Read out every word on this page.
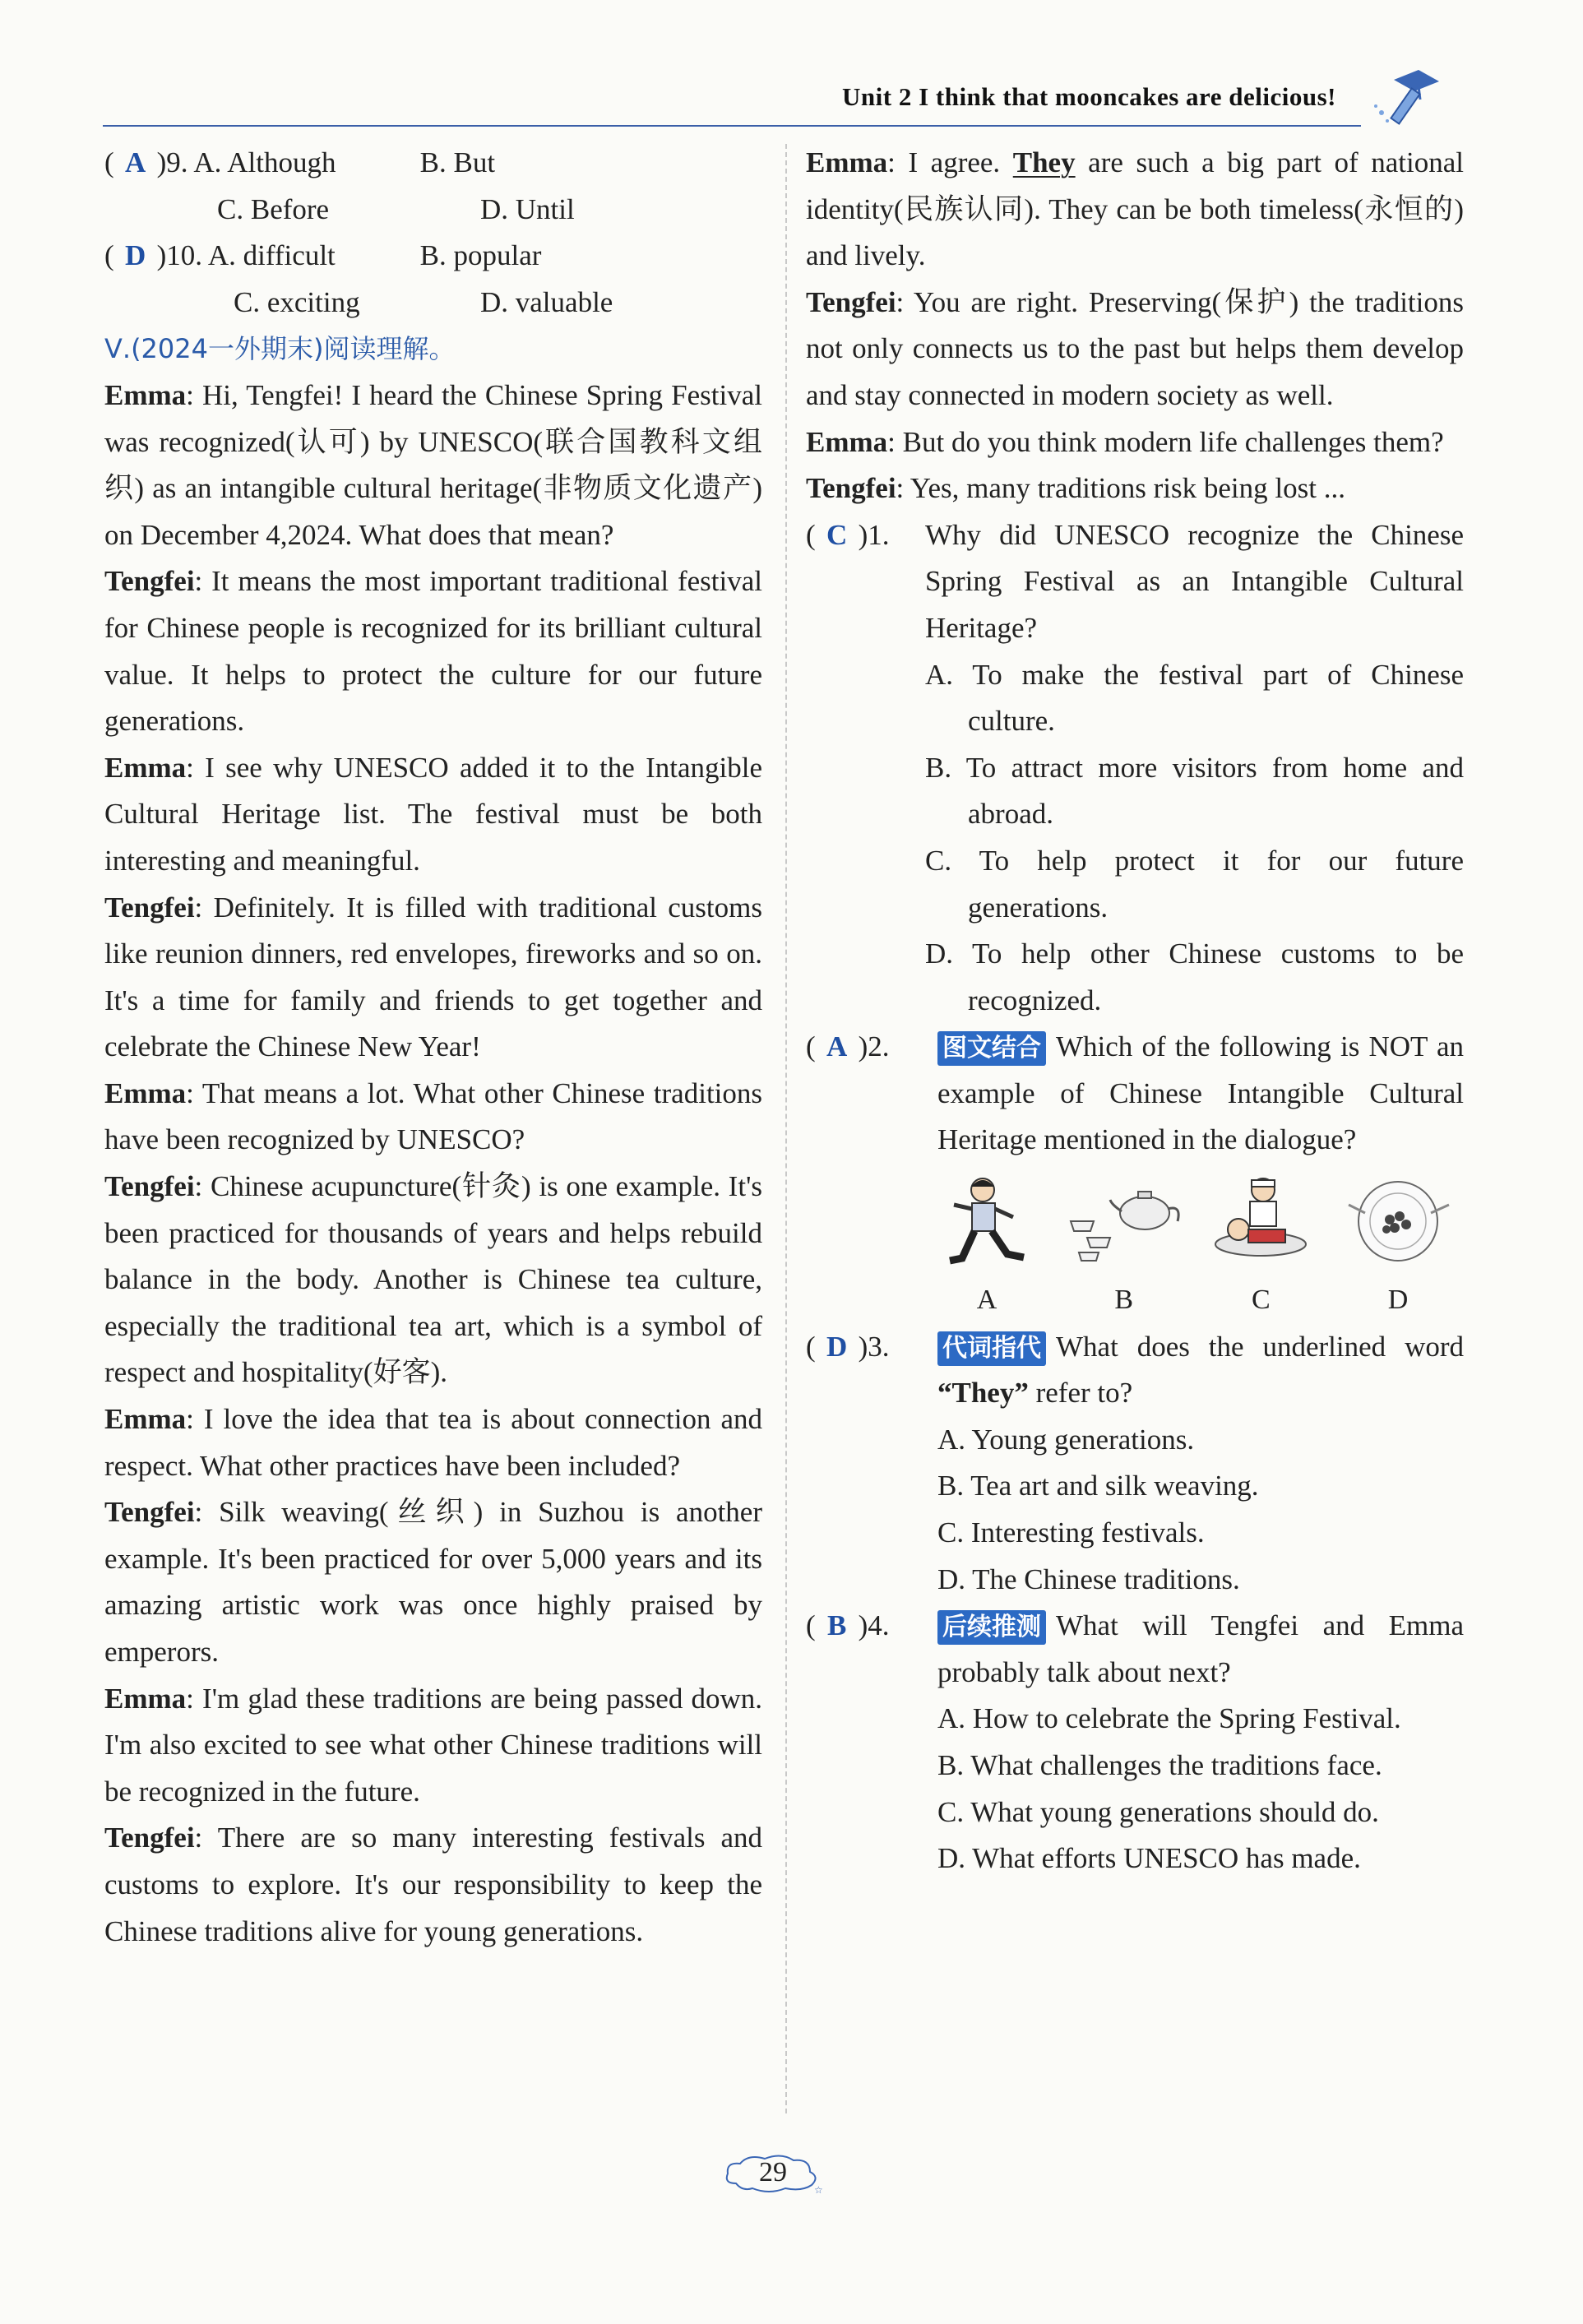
Unit 2 I think that mooncakes are delicious!
( A )9. A. Although	B. But
C. Before	D. Until
( D )10. A. difficult	B. popular
C. exciting	D. valuable
Ⅴ.(2024一外期末)阅读理解。

Emma: Hi, Tengfei! I heard the Chinese Spring Festival was recognized(认可) by UNESCO(联合国教科文组织) as an intangible cultural heritage(非物质文化遗产) on December 4,2024. What does that mean?

Tengfei: It means the most important traditional festival for Chinese people is recognized for its brilliant cultural value. It helps to protect the culture for our future generations.

Emma: I see why UNESCO added it to the Intangible Cultural Heritage list. The festival must be both interesting and meaningful.

Tengfei: Definitely. It is filled with traditional customs like reunion dinners, red envelopes, fireworks and so on. It's a time for family and friends to get together and celebrate the Chinese New Year!

Emma: That means a lot. What other Chinese traditions have been recognized by UNESCO?

Tengfei: Chinese acupuncture(针灸) is one example. It's been practiced for thousands of years and helps rebuild balance in the body. Another is Chinese tea culture, especially the traditional tea art, which is a symbol of respect and hospitality(好客).

Emma: I love the idea that tea is about connection and respect. What other practices have been included?

Tengfei: Silk weaving(丝织) in Suzhou is another example. It's been practiced for over 5,000 years and its amazing artistic work was once highly praised by emperors.

Emma: I'm glad these traditions are being passed down. I'm also excited to see what other Chinese traditions will be recognized in the future.

Tengfei: There are so many interesting festivals and customs to explore. It's our responsibility to keep the Chinese traditions alive for young generations.

Emma: I agree. They are such a big part of national identity(民族认同). They can be both timeless(永恒的) and lively.

Tengfei: You are right. Preserving(保护) the traditions not only connects us to the past but helps them develop and stay connected in modern society as well.

Emma: But do you think modern life challenges them?

Tengfei: Yes, many traditions risk being lost ...

( C )1.	Why did UNESCO recognize the Chinese Spring Festival as an Intangible Cultural Heritage?
A. To make the festival part of Chinese culture.
B. To attract more visitors from home and abroad.
C. To help protect it for our future generations.
D. To help other Chinese customs to be recognized.
( A )2.	图文结合 Which of the following is NOT an example of Chinese Intangible Cultural Heritage mentioned in the dialogue?
A	B	C	D
( D )3.	代词指代 What does the underlined word “They” refer to?
A. Young generations.
B. Tea art and silk weaving.
C. Interesting festivals.
D. The Chinese traditions.
( B )4.	后续推测 What will Tengfei and Emma probably talk about next?
A. How to celebrate the Spring Festival.
B. What challenges the traditions face.
C. What young generations should do.
D. What efforts UNESCO has made.
☆
29
